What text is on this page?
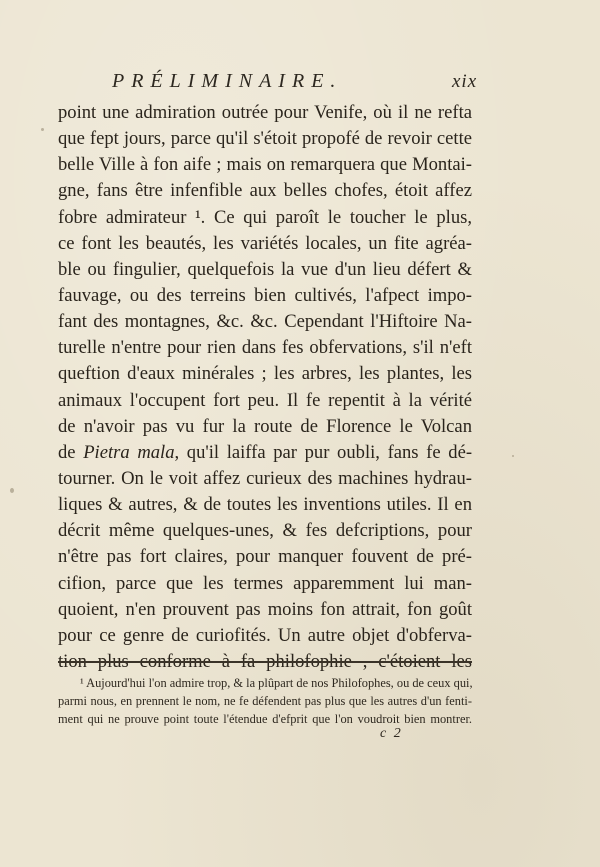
PRÉLIMINAIRE.	xix
point une admiration outrée pour Venife, où il ne refta
que fept jours, parce qu'il s'étoit propofé de revoir cette
belle Ville à fon aife ; mais on remarquera que Montai-
gne, fans être infenfible aux belles chofes, étoit affez
fobre admirateur ¹. Ce qui paroît le toucher le plus,
ce font les beautés, les variétés locales, un fite agréa-
ble ou fingulier, quelquefois la vue d'un lieu défert &
fauvage, ou des terreins bien cultivés, l'afpect impo-
fant des montagnes, &c. &c. Cependant l'Hiftoire Na-
turelle n'entre pour rien dans fes obfervations, s'il n'eft
queftion d'eaux minérales ; les arbres, les plantes, les
animaux l'occupent fort peu. Il fe repentit à la vérité
de n'avoir pas vu fur la route de Florence le Volcan
de Pietra mala, qu'il laiffa par pur oubli, fans fe dé-
tourner. On le voit affez curieux des machines hydrau-
liques & autres, & de toutes les inventions utiles. Il en
décrit même quelques-unes, & fes defcriptions, pour
n'être pas fort claires, pour manquer fouvent de pré-
cifion, parce que les termes apparemment lui man-
quoient, n'en prouvent pas moins fon attrait, fon goût
pour ce genre de curiofités. Un autre objet d'obferva-
tion plus conforme à fa philofophie , c'étoient les
¹ Aujourd'hui l'on admire trop, & la plûpart de nos Philofophes, ou de ceux qui,
parmi nous, en prennent le nom, ne fe défendent pas plus que les autres d'un fenti-
ment qui ne prouve point toute l'étendue d'efprit que l'on voudroit bien montrer.
c 2
